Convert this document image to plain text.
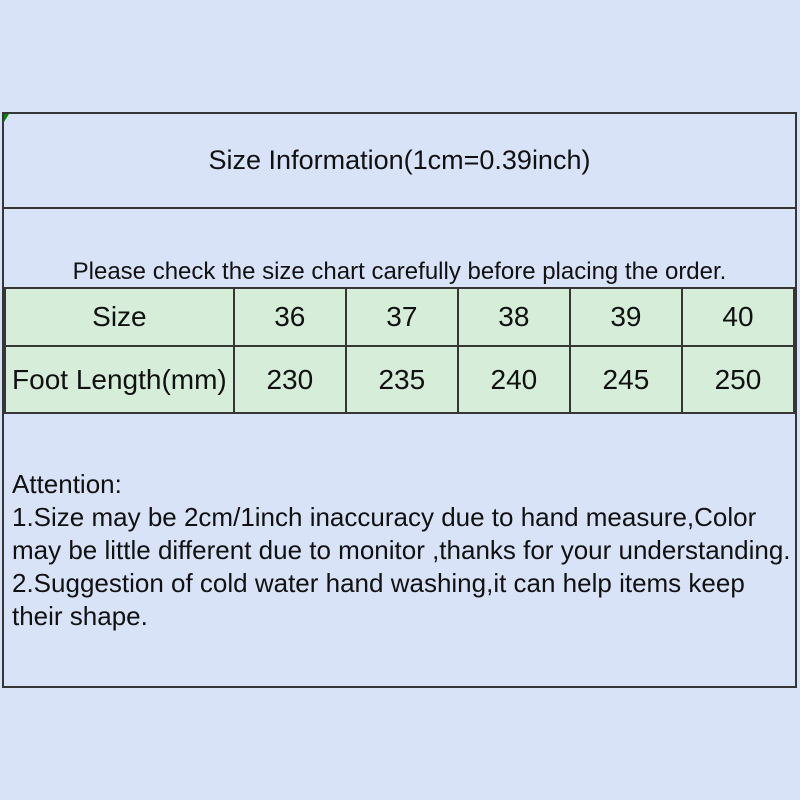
Size Information(1cm=0.39inch)
Please check the size chart carefully before placing the order.
Size	36	37	38	39	40
Foot Length(mm)	230	235	240	245	250
Attention:
1.Size may be 2cm/1inch inaccuracy due to hand measure,Color
may be little different due to monitor ,thanks for your understanding.
2.Suggestion of cold water hand washing,it can help items keep
their shape.
